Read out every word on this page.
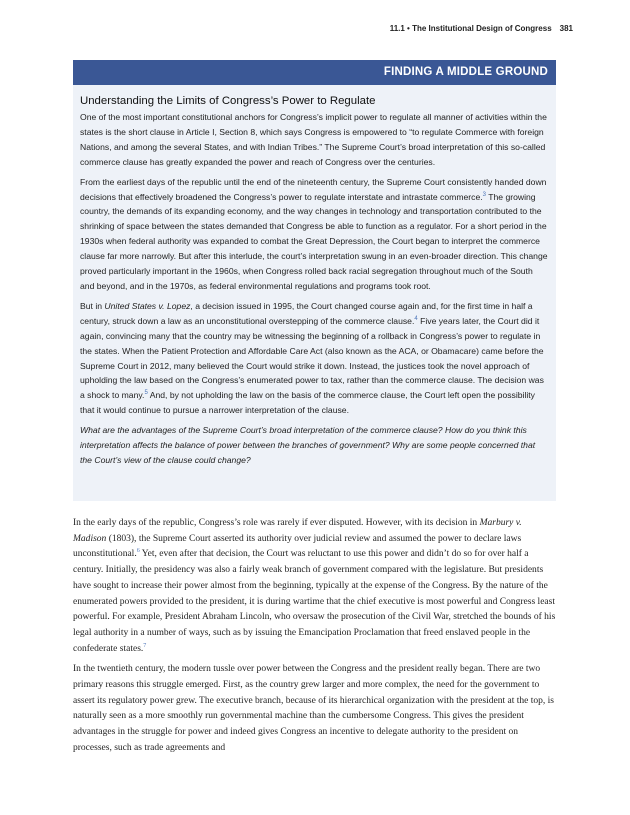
11.1 • The Institutional Design of Congress 381
FINDING A MIDDLE GROUND
Understanding the Limits of Congress’s Power to Regulate

One of the most important constitutional anchors for Congress’s implicit power to regulate all manner of activities within the states is the short clause in Article I, Section 8, which says Congress is empowered to “to regulate Commerce with foreign Nations, and among the several States, and with Indian Tribes.” The Supreme Court’s broad interpretation of this so-called commerce clause has greatly expanded the power and reach of Congress over the centuries.

From the earliest days of the republic until the end of the nineteenth century, the Supreme Court consistently handed down decisions that effectively broadened the Congress’s power to regulate interstate and intrastate commerce.$^3$ The growing country, the demands of its expanding economy, and the way changes in technology and transportation contributed to the shrinking of space between the states demanded that Congress be able to function as a regulator. For a short period in the 1930s when federal authority was expanded to combat the Great Depression, the Court began to interpret the commerce clause far more narrowly. But after this interlude, the court’s interpretation swung in an even-broader direction. This change proved particularly important in the 1960s, when Congress rolled back racial segregation throughout much of the South and beyond, and in the 1970s, as federal environmental regulations and programs took root.

But in United States v. Lopez, a decision issued in 1995, the Court changed course again and, for the first time in half a century, struck down a law as an unconstitutional overstepping of the commerce clause.$^4$ Five years later, the Court did it again, convincing many that the country may be witnessing the beginning of a rollback in Congress’s power to regulate in the states. When the Patient Protection and Affordable Care Act (also known as the ACA, or Obamacare) came before the Supreme Court in 2012, many believed the Court would strike it down. Instead, the justices took the novel approach of upholding the law based on the Congress’s enumerated power to tax, rather than the commerce clause. The decision was a shock to many.$^5$ And, by not upholding the law on the basis of the commerce clause, the Court left open the possibility that it would continue to pursue a narrower interpretation of the clause.

What are the advantages of the Supreme Court’s broad interpretation of the commerce clause? How do you think this interpretation affects the balance of power between the branches of government? Why are some people concerned that the Court’s view of the clause could change?

In the early days of the republic, Congress’s role was rarely if ever disputed. However, with its decision in Marbury v. Madison (1803), the Supreme Court asserted its authority over judicial review and assumed the power to declare laws unconstitutional.$^6$ Yet, even after that decision, the Court was reluctant to use this power and didn’t do so for over half a century. Initially, the presidency was also a fairly weak branch of government compared with the legislature. But presidents have sought to increase their power almost from the beginning, typically at the expense of the Congress. By the nature of the enumerated powers provided to the president, it is during wartime that the chief executive is most powerful and Congress least powerful. For example, President Abraham Lincoln, who oversaw the prosecution of the Civil War, stretched the bounds of his legal authority in a number of ways, such as by issuing the Emancipation Proclamation that freed enslaved people in the confederate states.$^7$

In the twentieth century, the modern tussle over power between the Congress and the president really began. There are two primary reasons this struggle emerged. First, as the country grew larger and more complex, the need for the government to assert its regulatory power grew. The executive branch, because of its hierarchical organization with the president at the top, is naturally seen as a more smoothly run governmental machine than the cumbersome Congress. This gives the president advantages in the struggle for power and indeed gives Congress an incentive to delegate authority to the president on processes, such as trade agreements and
